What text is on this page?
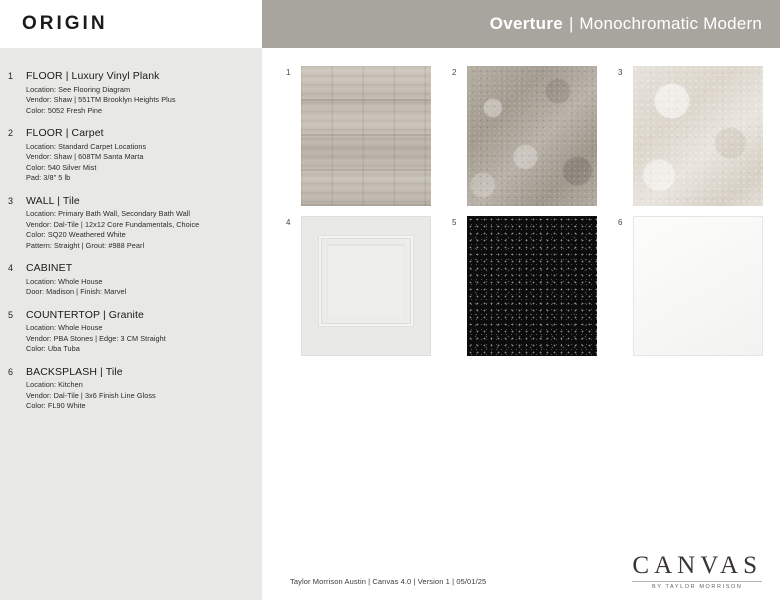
ORIGIN	Overture | Monochromatic Modern
1	FLOOR | Luxury Vinyl Plank
Location: See Flooring Diagram
Vendor: Shaw | 551TM Brooklyn Heights Plus
Color: 5052 Fresh Pine
2	FLOOR | Carpet
Location: Standard Carpet Locations
Vendor: Shaw | 608TM Santa Marta
Color: 540 Silver Mist
Pad: 3/8" 5 lb
3	WALL | Tile
Location: Primary Bath Wall, Secondary Bath Wall
Vendor: Dal-Tile | 12x12 Core Fundamentals, Choice
Color: SQ20 Weathered White
Pattern: Straight | Grout: #988 Pearl
4	CABINET
Location: Whole House
Door: Madison | Finish: Marvel
5	COUNTERTOP | Granite
Location: Whole House
Vendor: PBA Stones | Edge: 3 CM Straight
Color: Uba Tuba
6	BACKSPLASH | Tile
Location: Kitchen
Vendor: Dal-Tile | 3x6 Finish Line Gloss
Color: FL90 White
1	2	3
4	5	6
Taylor Morrison Austin | Canvas 4.0 | Version 1 | 05/01/25
CANVAS
BY TAYLOR MORRISON
